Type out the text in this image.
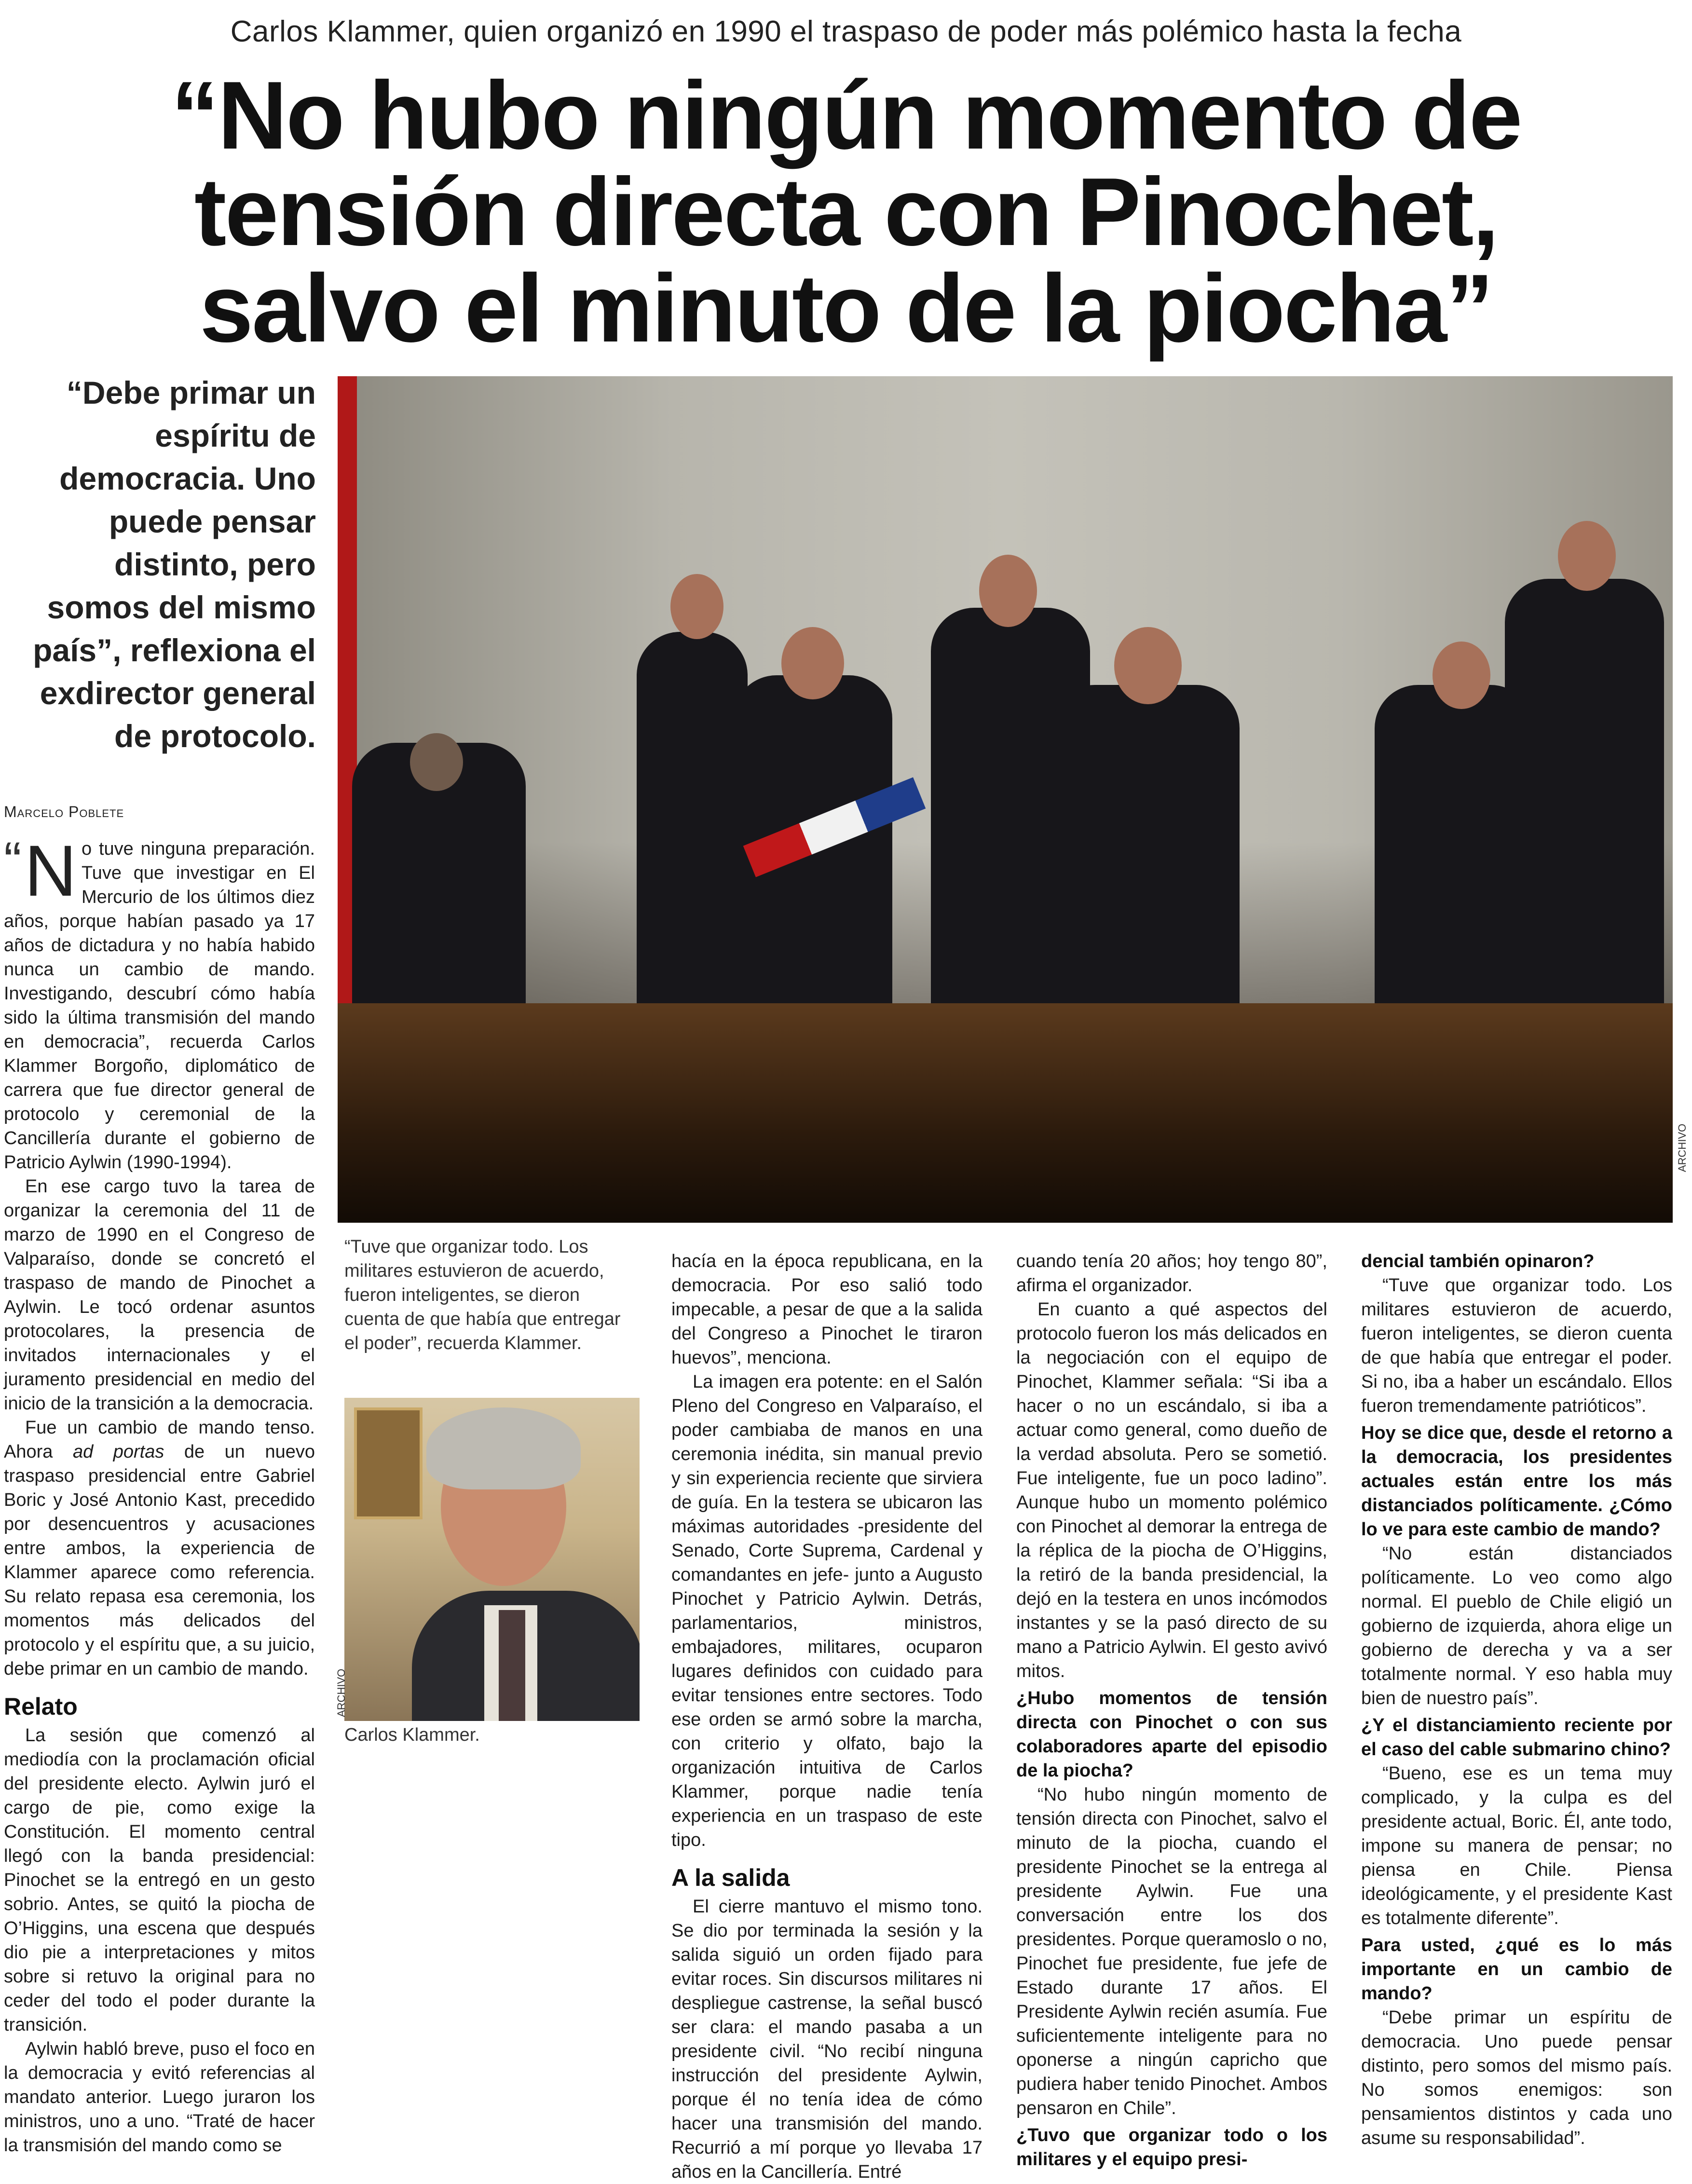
Carlos Klammer, quien organizó en 1990 el traspaso de poder más polémico hasta la fecha
“No hubo ningún momento de tensión directa con Pinochet, salvo el minuto de la piocha”
“Debe primar un espíritu de democracia. Uno puede pensar distinto, pero somos del mismo país”, reflexiona el exdirector general de protocolo.
ARCHIVO
Marcelo Poblete

“ N o tuve ninguna preparación. Tuve que investigar en El Mercurio de los últimos diez años, porque habían pasado ya 17 años de dictadura y no había habido nunca un cambio de mando. Investigando, descubrí cómo había sido la última transmisión del mando en democracia”, recuerda Carlos Klammer Borgoño, diplomático de carrera que fue director general de protocolo y ceremonial de la Cancillería durante el gobierno de Patricio Aylwin (1990-1994).

En ese cargo tuvo la tarea de organizar la ceremonia del 11 de marzo de 1990 en el Congreso de Valparaíso, donde se concretó el traspaso de mando de Pinochet a Aylwin. Le tocó ordenar asuntos protocolares, la presencia de invitados internacionales y el juramento presidencial en medio del inicio de la transición a la democracia.

Fue un cambio de mando tenso. Ahora ad portas de un nuevo traspaso presidencial entre Gabriel Boric y José Antonio Kast, precedido por desencuentros y acusaciones entre ambos, la experiencia de Klammer aparece como referencia. Su relato repasa esa ceremonia, los momentos más delicados del protocolo y el espíritu que, a su juicio, debe primar en un cambio de mando.

Relato

La sesión que comenzó al mediodía con la proclamación oficial del presidente electo. Aylwin juró el cargo de pie, como exige la Constitución. El momento central llegó con la banda presidencial: Pinochet se la entregó en un gesto sobrio. Antes, se quitó la piocha de O’Higgins, una escena que después dio pie a interpretaciones y mitos sobre si retuvo la original para no ceder del todo el poder durante la transición.

Aylwin habló breve, puso el foco en la democracia y evitó referencias al mandato anterior. Luego juraron los ministros, uno a uno. “Traté de hacer la transmisión del mando como se

“Tuve que organizar todo. Los militares estuvieron de acuerdo, fueron inteligentes, se dieron cuenta de que había que entregar el poder”, recuerda Klammer.
ARCHIVO
Carlos Klammer.

hacía en la época republicana, en la democracia. Por eso salió todo impecable, a pesar de que a la salida del Congreso a Pinochet le tiraron huevos”, menciona.

La imagen era potente: en el Salón Pleno del Congreso en Valparaíso, el poder cambiaba de manos en una ceremonia inédita, sin manual previo y sin experiencia reciente que sirviera de guía. En la testera se ubicaron las máximas autoridades -presidente del Senado, Corte Suprema, Cardenal y comandantes en jefe- junto a Augusto Pinochet y Patricio Aylwin. Detrás, parlamentarios, ministros, embajadores, militares, ocuparon lugares definidos con cuidado para evitar tensiones entre sectores. Todo ese orden se armó sobre la marcha, con criterio y olfato, bajo la organización intuitiva de Carlos Klammer, porque nadie tenía experiencia en un traspaso de este tipo.

A la salida

El cierre mantuvo el mismo tono. Se dio por terminada la sesión y la salida siguió un orden fijado para evitar roces. Sin discursos militares ni despliegue castrense, la señal buscó ser clara: el mando pasaba a un presidente civil. “No recibí ninguna instrucción del presidente Aylwin, porque él no tenía idea de cómo hacer una transmisión del mando. Recurrió a mí porque yo llevaba 17 años en la Cancillería. Entré

cuando tenía 20 años; hoy tengo 80”, afirma el organizador.

En cuanto a qué aspectos del protocolo fueron los más delicados en la negociación con el equipo de Pinochet, Klammer señala: “Si iba a hacer o no un escándalo, si iba a actuar como general, como dueño de la verdad absoluta. Pero se sometió. Fue inteligente, fue un poco ladino”. Aunque hubo un momento polémico con Pinochet al demorar la entrega de la réplica de la piocha de O’Higgins, la retiró de la banda presidencial, la dejó en la testera en unos incómodos instantes y se la pasó directo de su mano a Patricio Aylwin. El gesto avivó mitos.

¿Hubo momentos de tensión directa con Pinochet o con sus colaboradores aparte del episodio de la piocha?

“No hubo ningún momento de tensión directa con Pinochet, salvo el minuto de la piocha, cuando el presidente Pinochet se la entrega al presidente Aylwin. Fue una conversación entre los dos presidentes. Porque queramoslo o no, Pinochet fue presidente, fue jefe de Estado durante 17 años. El Presidente Aylwin recién asumía. Fue suficientemente inteligente para no oponerse a ningún capricho que pudiera haber tenido Pinochet. Ambos pensaron en Chile”.

¿Tuvo que organizar todo o los militares y el equipo presi-

dencial también opinaron?

“Tuve que organizar todo. Los militares estuvieron de acuerdo, fueron inteligentes, se dieron cuenta de que había que entregar el poder. Si no, iba a haber un escándalo. Ellos fueron tremendamente patrióticos”.

Hoy se dice que, desde el retorno a la democracia, los presidentes actuales están entre los más distanciados políticamente. ¿Cómo lo ve para este cambio de mando?

“No están distanciados políticamente. Lo veo como algo normal. El pueblo de Chile eligió un gobierno de izquierda, ahora elige un gobierno de derecha y va a ser totalmente normal. Y eso habla muy bien de nuestro país”.

¿Y el distanciamiento reciente por el caso del cable submarino chino?

“Bueno, ese es un tema muy complicado, y la culpa es del presidente actual, Boric. Él, ante todo, impone su manera de pensar; no piensa en Chile. Piensa ideológicamente, y el presidente Kast es totalmente diferente”.

Para usted, ¿qué es lo más importante en un cambio de mando?

“Debe primar un espíritu de democracia. Uno puede pensar distinto, pero somos del mismo país. No somos enemigos: son pensamientos distintos y cada uno asume su responsabilidad”.
